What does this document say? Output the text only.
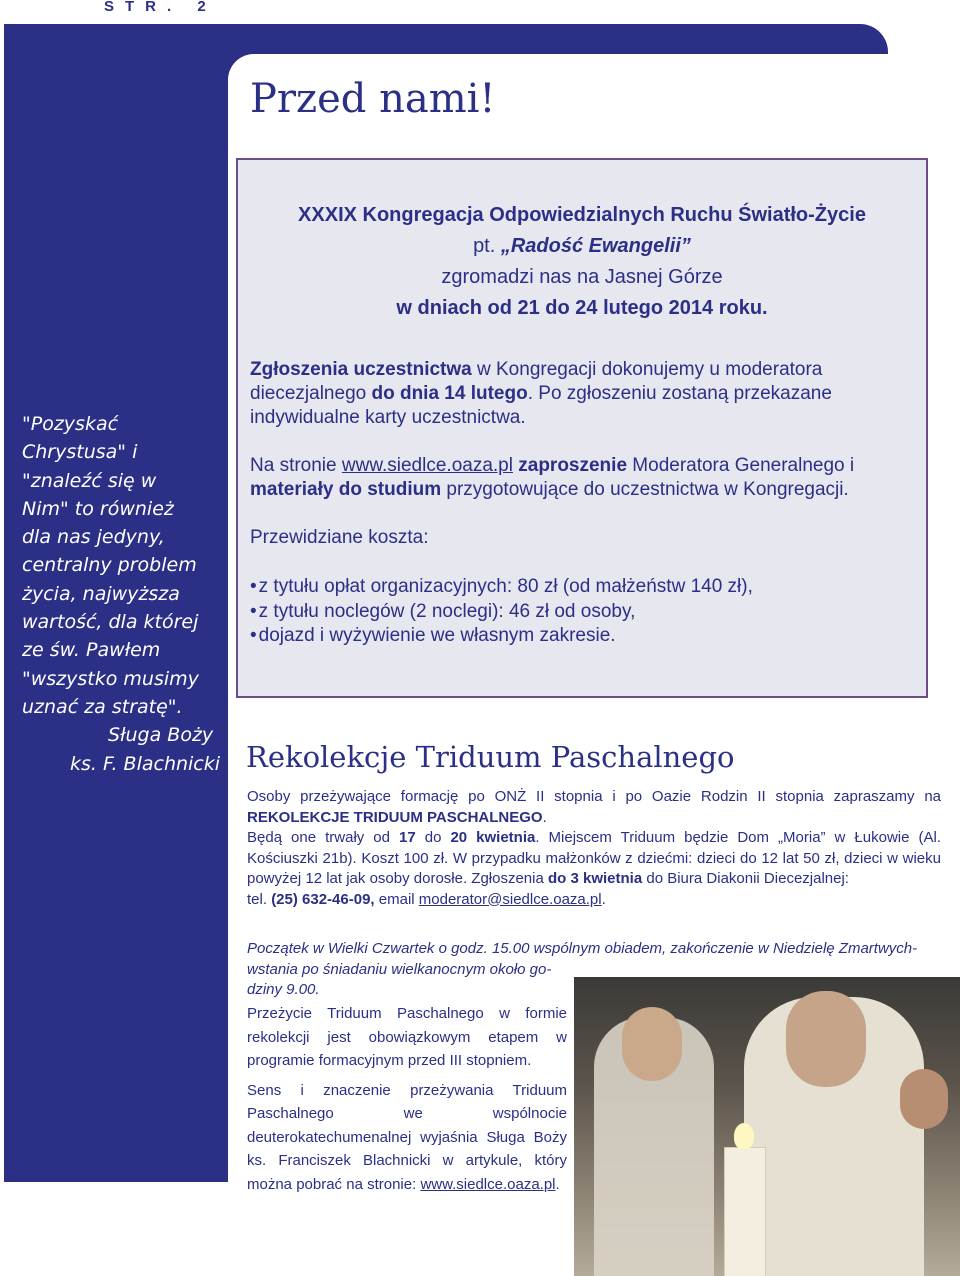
STR. 2

"Pozyskać

Chrystusa" i

"znaleźć się w

Nim" to również

dla nas jedyny,

centralny problem

życia, najwyższa

wartość, dla której

ze św. Pawłem

"wszystko musimy

uznać za stratę".

Sługa Boży

ks. F. Blachnicki

Przed nami!
XXXIX Kongregacja Odpowiedzialnych Ruchu Światło-Życie
pt. „Radość Ewangelii”
zgromadzi nas na Jasnej Górze
w dniach od 21 do 24 lutego 2014 roku.

Zgłoszenia uczestnictwa w Kongregacji dokonujemy u moderatora diecezjalnego do dnia 14 lutego. Po zgłoszeniu zostaną przekazane indywidualne karty uczestnictwa.

Na stronie www.siedlce.oaza.pl zaproszenie Moderatora Generalnego i materiały do studium przygotowujące do uczestnictwa w Kongregacji.

Przewidziane koszta:

• z tytułu opłat organizacyjnych: 80 zł (od małżeństw 140 zł),
• z tytułu noclegów (2 noclegi): 46 zł od osoby,
• dojazd i wyżywienie we własnym zakresie.
Rekolekcje Triduum Paschalnego

Osoby przeżywające formację po ONŻ II stopnia i po Oazie Rodzin II stopnia zapraszamy na REKOLEKCJE TRIDUUM PASCHALNEGO.

Będą one trwały od 17 do 20 kwietnia. Miejscem Triduum będzie Dom „Moria” w Łukowie (Al. Kościuszki 21b). Koszt 100 zł. W przypadku małżonków z dziećmi: dzieci do 12 lat 50 zł, dzieci w wieku powyżej 12 lat jak osoby dorosłe. Zgłoszenia do 3 kwietnia do Biura Diakonii Diecezjalnej:

tel. (25) 632-46-09, email moderator@siedlce.oaza.pl.

Początek w Wielki Czwartek o godz. 15.00 wspólnym obiadem, zakończenie w Niedzielę Zmartwych-

wstania po śniadaniu wielkanocnym około go-

dziny 9.00.

Przeżycie Triduum Paschalnego w formie rekolekcji jest obowiązkowym etapem w programie formacyjnym przed III stopniem.

Sens i znaczenie przeżywania Triduum Paschalnego we wspólnocie deuterokatechumenalnej wyjaśnia Sługa Boży ks. Franciszek Blachnicki w artykule, który można pobrać na stronie: www.siedlce.oaza.pl.
